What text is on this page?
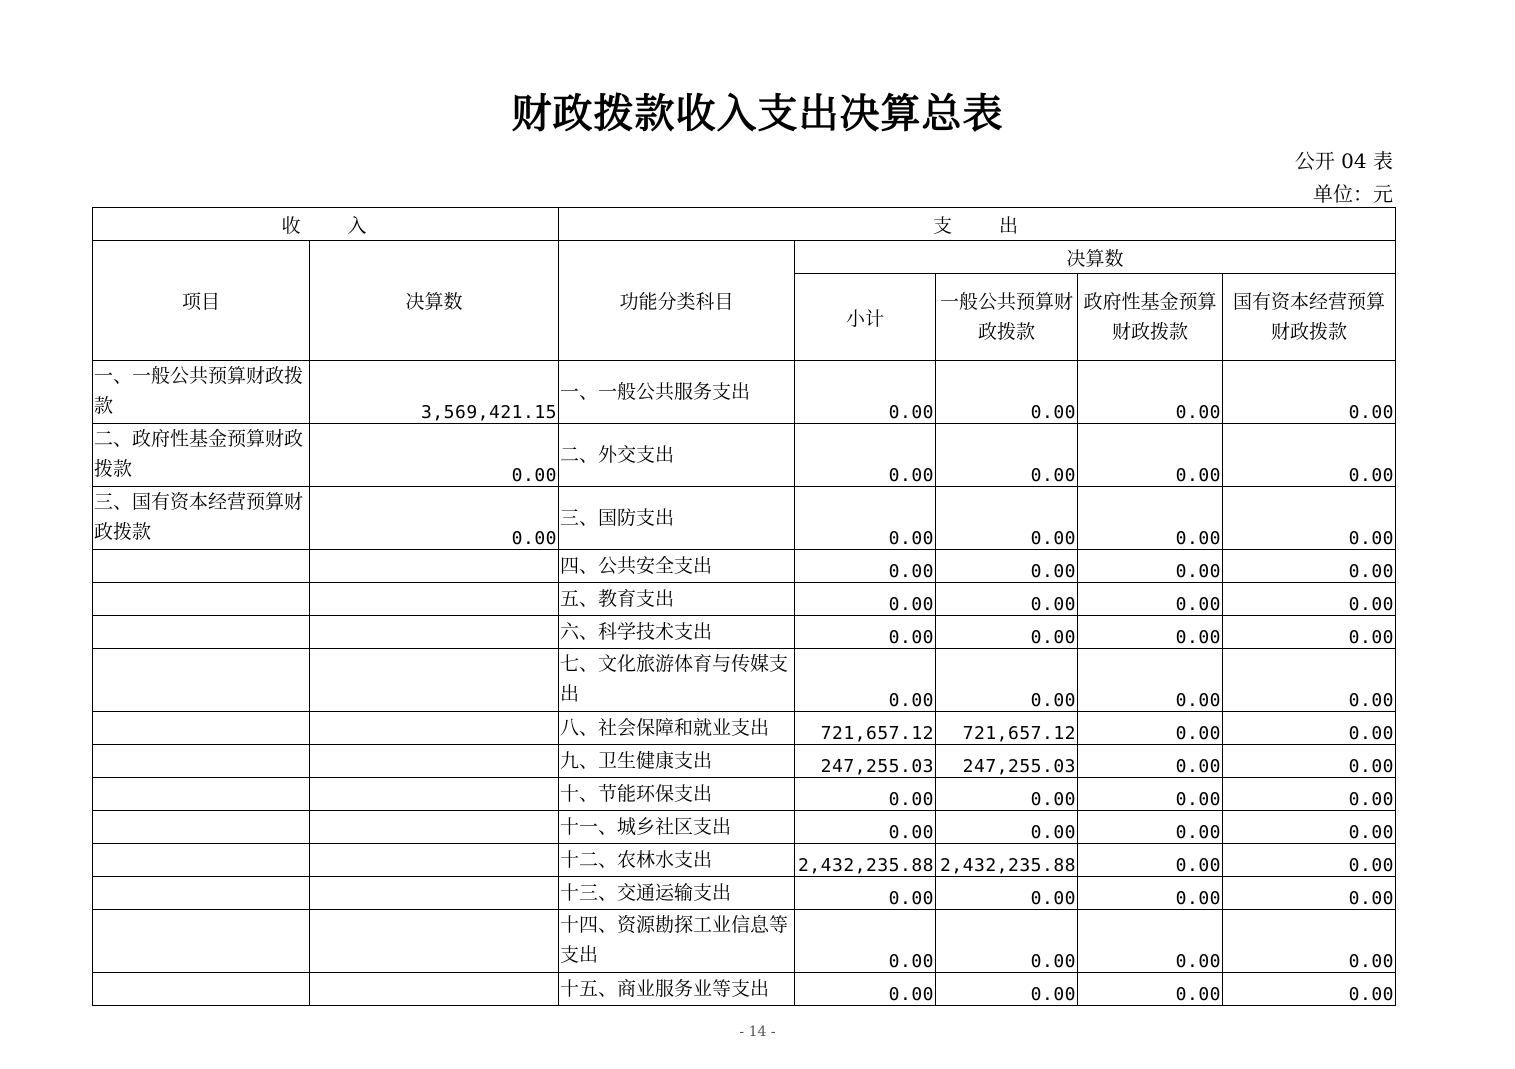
财政拨款收入支出决算总表
公开 04 表
单位：元
收　　入		支　　出				
项目	决算数	功能分类科目	决算数			
			小计	一般公共预算财政拨款	政府性基金预算财政拨款	国有资本经营预算财政拨款
一、一般公共预算财政拨款	3,569,421.15	一、一般公共服务支出	0.00	0.00	0.00	0.00
二、政府性基金预算财政拨款	0.00	二、外交支出	0.00	0.00	0.00	0.00
三、国有资本经营预算财政拨款	0.00	三、国防支出	0.00	0.00	0.00	0.00
		四、公共安全支出	0.00	0.00	0.00	0.00
		五、教育支出	0.00	0.00	0.00	0.00
		六、科学技术支出	0.00	0.00	0.00	0.00
		七、文化旅游体育与传媒支出	0.00	0.00	0.00	0.00
		八、社会保障和就业支出	721,657.12	721,657.12	0.00	0.00
		九、卫生健康支出	247,255.03	247,255.03	0.00	0.00
		十、节能环保支出	0.00	0.00	0.00	0.00
		十一、城乡社区支出	0.00	0.00	0.00	0.00
		十二、农林水支出	2,432,235.88	2,432,235.88	0.00	0.00
		十三、交通运输支出	0.00	0.00	0.00	0.00
		十四、资源勘探工业信息等支出	0.00	0.00	0.00	0.00
		十五、商业服务业等支出	0.00	0.00	0.00	0.00
- 14 -
